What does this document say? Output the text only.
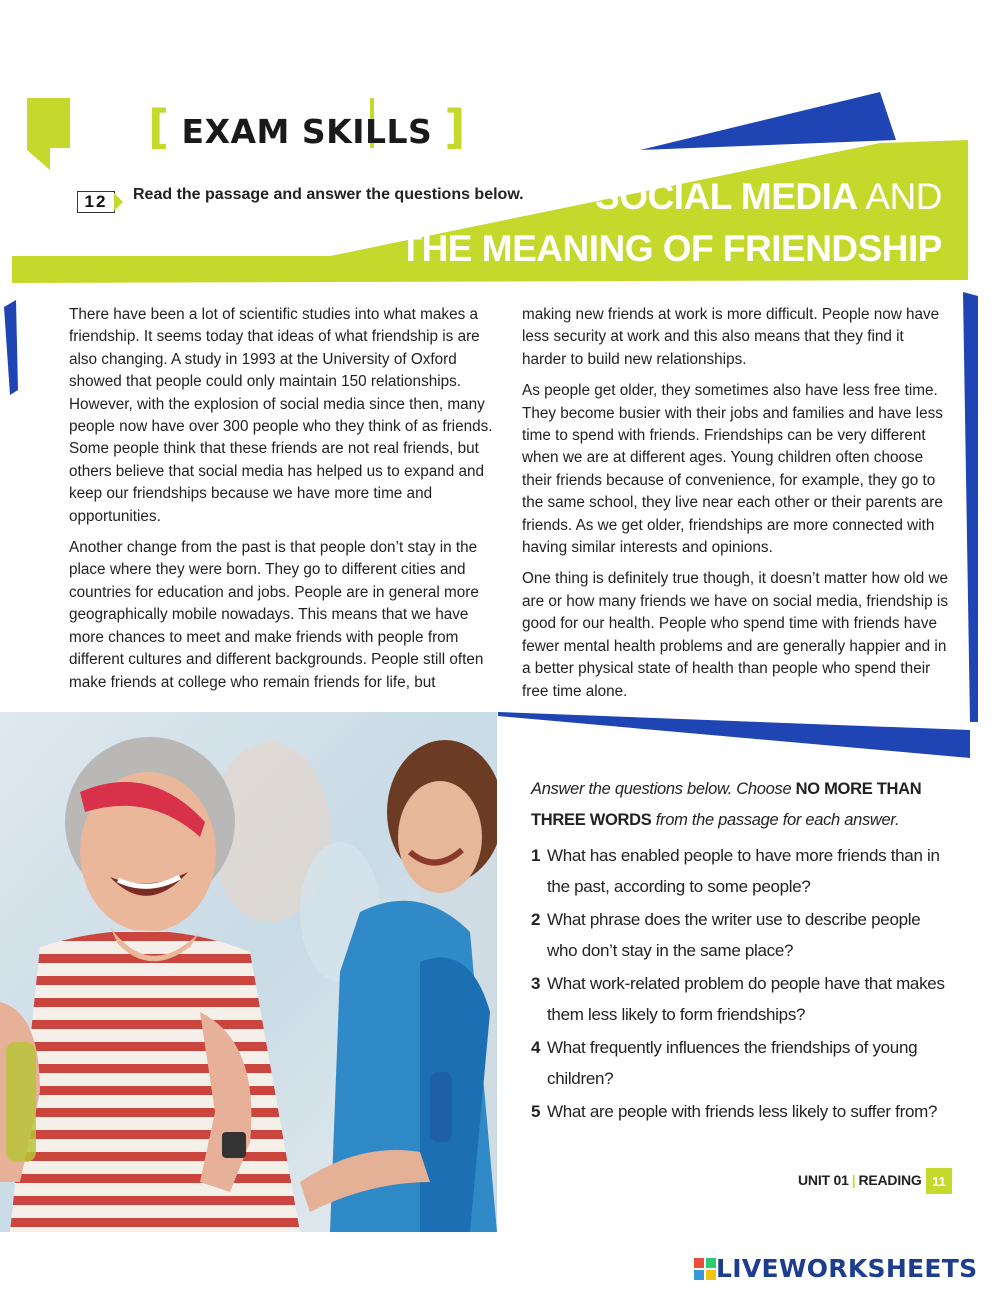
[ EXAM SKILLS ]
12	Read the passage and answer the questions below. SOCIAL MEDIA AND
THE MEANING OF FRIENDSHIP

There have been a lot of scientific studies into what makes a friendship. It seems today that ideas of what friendship is are also changing. A study in 1993 at the University of Oxford showed that people could only maintain 150 relationships. However, with the explosion of social media since then, many people now have over 300 people who they think of as friends. Some people think that these friends are not real friends, but others believe that social media has helped us to expand and keep our friendships because we have more time and opportunities.

Another change from the past is that people don’t stay in the place where they were born. They go to different cities and countries for education and jobs. People are in general more geographically mobile nowadays. This means that we have more chances to meet and make friends with people from different cultures and different backgrounds. People still often make friends at college who remain friends for life, but

making new friends at work is more difficult. People now have less security at work and this also means that they find it harder to build new relationships.

As people get older, they sometimes also have less free time. They become busier with their jobs and families and have less time to spend with friends. Friendships can be very different when we are at different ages. Young children often choose their friends because of convenience, for example, they go to the same school, they live near each other or their parents are friends. As we get older, friendships are more connected with having similar interests and opinions.

One thing is definitely true though, it doesn’t matter how old we are or how many friends we have on social media, friendship is good for our health. People who spend time with friends have fewer mental health problems and are generally happier and in a better physical state of health than people who spend their free time alone.

Answer the questions below. Choose NO MORE THAN THREE WORDS from the passage for each answer.
1 What has enabled people to have more friends than in the past, according to some people?
2 What phrase does the writer use to describe people who don’t stay in the same place?
3 What work-related problem do people have that makes them less likely to form friendships?
4 What frequently influences the friendships of young children?
5 What are people with friends less likely to suffer from?
UNIT 01 | READING 11
LIVEWORKSHEETS
